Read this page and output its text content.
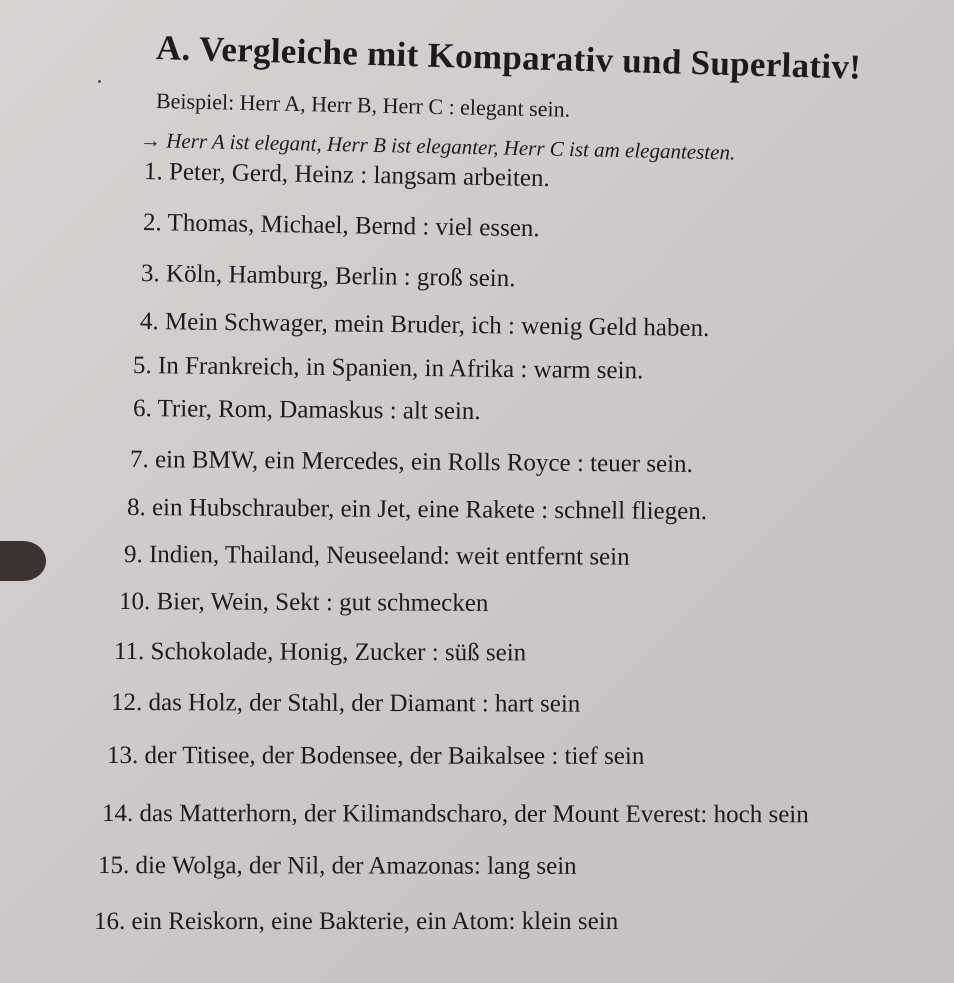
A. Vergleiche mit Komparativ und Superlativ!
Beispiel: Herr A, Herr B, Herr C : elegant sein.
→ Herr A ist elegant, Herr B ist eleganter, Herr C ist am elegantesten.
1. Peter, Gerd, Heinz : langsam arbeiten.
2. Thomas, Michael, Bernd : viel essen.
3. Köln, Hamburg, Berlin : groß sein.
4. Mein Schwager, mein Bruder, ich : wenig Geld haben.
5. In Frankreich, in Spanien, in Afrika : warm sein.
6. Trier, Rom, Damaskus : alt sein.
7. ein BMW, ein Mercedes, ein Rolls Royce : teuer sein.
8. ein Hubschrauber, ein Jet, eine Rakete : schnell fliegen.
9. Indien, Thailand, Neuseeland: weit entfernt sein
10. Bier, Wein, Sekt : gut schmecken
11. Schokolade, Honig, Zucker : süß sein
12. das Holz, der Stahl, der Diamant : hart sein
13. der Titisee, der Bodensee, der Baikalsee : tief sein
14. das Matterhorn, der Kilimandscharo, der Mount Everest: hoch sein
15. die Wolga, der Nil, der Amazonas: lang sein
16. ein Reiskorn, eine Bakterie, ein Atom: klein sein
